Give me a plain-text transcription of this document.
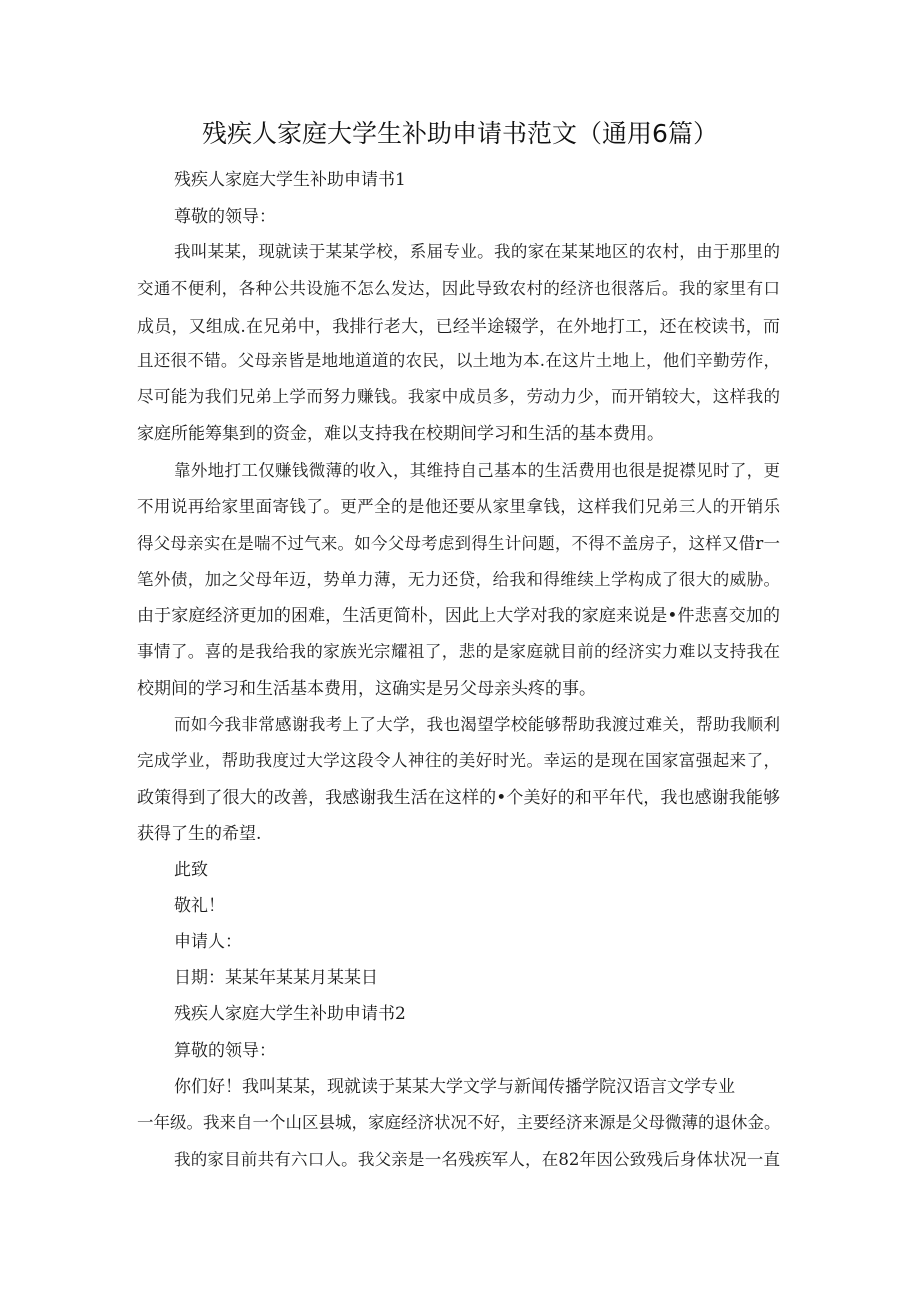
残疾人家庭大学生补助申请书范文（通用6篇）
残疾人家庭大学生补助申请书1
尊敬的领导：
我叫某某，现就读于某某学校，系届专业。我的家在某某地区的农村，由于那里的
交通不便利，各种公共设施不怎么发达，因此导致农村的经济也很落后。我的家里有口
成员，又组成.在兄弟中，我排行老大，已经半途辍学，在外地打工，还在校读书，而
且还很不错。父母亲皆是地地道道的农民，以土地为本.在这片土地上，他们辛勤劳作，
尽可能为我们兄弟上学而努力赚钱。我家中成员多，劳动力少，而开销较大，这样我的
家庭所能筹集到的资金，难以支持我在校期间学习和生活的基本费用。
靠外地打工仅赚钱微薄的收入，其维持自己基本的生活费用也很是捉襟见时了，更
不用说再给家里面寄钱了。更严全的是他还要从家里拿钱，这样我们兄弟三人的开销乐
得父母亲实在是喘不过气来。如今父母考虑到得生计问题，不得不盖房子，这样又借r一
笔外债，加之父母年迈，势单力薄，无力还贷，给我和得维续上学构成了很大的威胁。
由于家庭经济更加的困难，生活更简朴，因此上大学对我的家庭来说是•件悲喜交加的
事情了。喜的是我给我的家族光宗耀祖了，悲的是家庭就目前的经济实力难以支持我在
校期间的学习和生活基本费用，这确实是另父母亲头疼的事。
而如今我非常感谢我考上了大学，我也渴望学校能够帮助我渡过难关，帮助我顺利
完成学业，帮助我度过大学这段令人神往的美好时光。幸运的是现在国家富强起来了，
政策得到了很大的改善，我感谢我生活在这样的•个美好的和平年代，我也感谢我能够
获得了生的希望.
此致
敬礼！
申请人：
日期：某某年某某月某某日
残疾人家庭大学生补助申请书2
算敬的领导：
你们好！我叫某某，现就读于某某大学文学与新闻传播学院汉语言文学专业
一年级。我来自一个山区县城，家庭经济状况不好，主要经济来源是父母微薄的退休金。
我的家目前共有六口人。我父亲是一名残疾军人，在82年因公致残后身体状况一直
